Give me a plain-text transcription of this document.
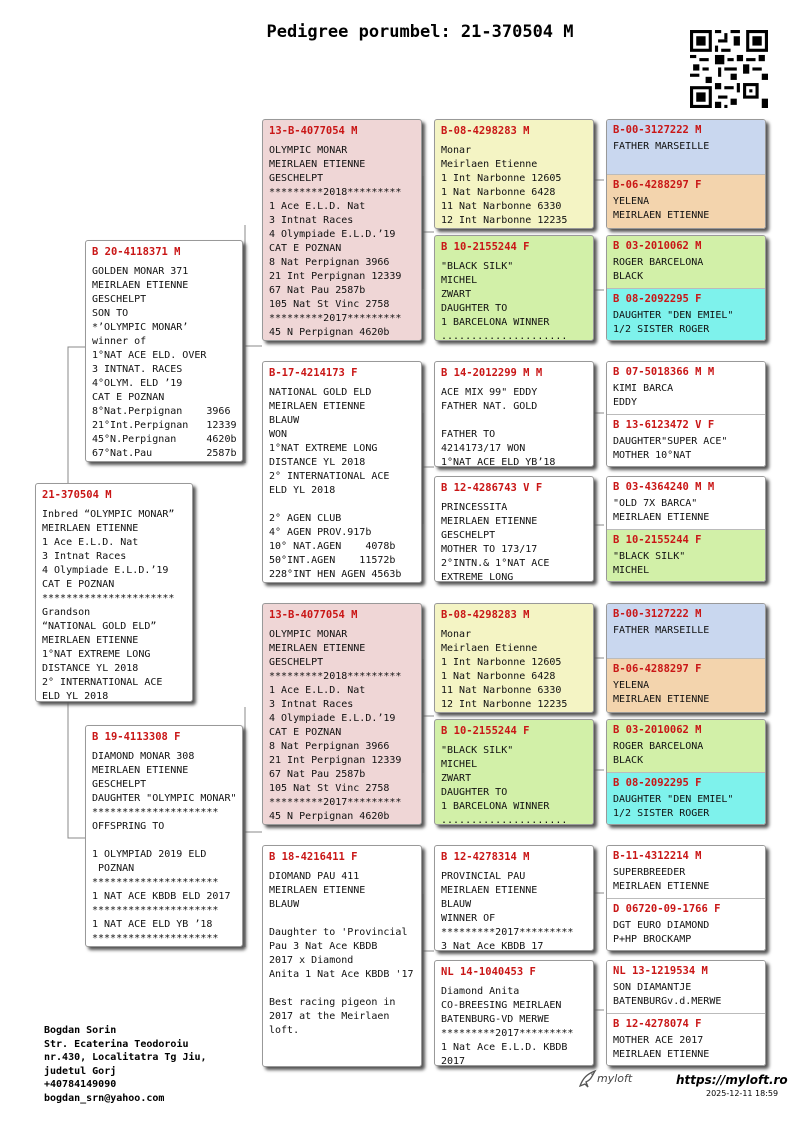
Pedigree porumbel: 21-370504 M
21-370504 M
Inbred “OLYMPIC MONAR”
MEIRLAEN ETIENNE
1 Ace E.L.D. Nat
3 Intnat Races
4 Olympiade E.L.D.’19
CAT E POZNAN
**********************
Grandson
“NATIONAL GOLD ELD”
MEIRLAEN ETIENNE
1°NAT EXTREME LONG
DISTANCE YL 2018
2° INTERNATIONAL ACE
ELD YL 2018
B 20-4118371 M
GOLDEN MONAR 371
MEIRLAEN ETIENNE
GESCHELPT
SON TO
*’OLYMPIC MONAR’
winner of
1°NAT ACE ELD. OVER
3 INTNAT. RACES
4°OLYM. ELD ’19
CAT E POZNAN
8°Nat.Perpignan    3966
21°Int.Perpignan   12339
45°N.Perpignan     4620b
67°Nat.Pau         2587b
B 19-4113308 F
DIAMOND MONAR 308
MEIRLAEN ETIENNE
GESCHELPT
DAUGHTER "OLYMPIC MONAR"
*********************
OFFSPRING TO

1 OLYMPIAD 2019 ELD
POZNAN
*********************
1 NAT ACE KBDB ELD 2017
*********************
1 NAT ACE ELD YB ’18
*********************
13-B-4077054 M
OLYMPIC MONAR
MEIRLAEN ETIENNE
GESCHELPT
*********2018*********
1 Ace E.L.D. Nat
3 Intnat Races
4 Olympiade E.L.D.’19
CAT E POZNAN
8 Nat Perpignan 3966
21 Int Perpignan 12339
67 Nat Pau 2587b
105 Nat St Vinc 2758
*********2017*********
45 N Perpignan 4620b
B-17-4214173 F
NATIONAL GOLD ELD
MEIRLAEN ETIENNE
BLAUW
WON
1°NAT EXTREME LONG
DISTANCE YL 2018
2° INTERNATIONAL ACE
ELD YL 2018

2° AGEN CLUB
4° AGEN PROV.917b
10° NAT.AGEN    4078b
50°INT.AGEN    11572b
228°INT HEN AGEN 4563b
13-B-4077054 M
OLYMPIC MONAR
MEIRLAEN ETIENNE
GESCHELPT
*********2018*********
1 Ace E.L.D. Nat
3 Intnat Races
4 Olympiade E.L.D.’19
CAT E POZNAN
8 Nat Perpignan 3966
21 Int Perpignan 12339
67 Nat Pau 2587b
105 Nat St Vinc 2758
*********2017*********
45 N Perpignan 4620b
B 18-4216411 F
DIOMAND PAU 411
MEIRLAEN ETIENNE
BLAUW

Daughter to 'Provincial
Pau 3 Nat Ace KBDB
2017 x Diamond
Anita 1 Nat Ace KBDB '17

Best racing pigeon in
2017 at the Meirlaen
loft.
B-08-4298283 M
Monar
Meirlaen Etienne
1 Int Narbonne 12605
1 Nat Narbonne 6428
11 Nat Narbonne 6330
12 Int Narbonne 12235
B 10-2155244 F
"BLACK SILK"
MICHEL
ZWART
DAUGHTER TO
1 BARCELONA WINNER
.....................
B 14-2012299 M M
ACE MIX 99" EDDY
FATHER NAT. GOLD

FATHER TO
4214173/17 WON
1°NAT ACE ELD YB’18
B 12-4286743 V F
PRINCESSITA
MEIRLAEN ETIENNE
GESCHELPT
MOTHER TO 173/17
2°INTN.& 1°NAT ACE
EXTREME LONG
B-08-4298283 M
Monar
Meirlaen Etienne
1 Int Narbonne 12605
1 Nat Narbonne 6428
11 Nat Narbonne 6330
12 Int Narbonne 12235
B 10-2155244 F
"BLACK SILK"
MICHEL
ZWART
DAUGHTER TO
1 BARCELONA WINNER
.....................
B 12-4278314 M
PROVINCIAL PAU
MEIRLAEN ETIENNE
BLAUW
WINNER OF
*********2017*********
3 Nat Ace KBDB 17
NL 14-1040453 F
Diamond Anita
CO-BREESING MEIRLAEN
BATENBURG-VD MERWE
*********2017*********
1 Nat Ace E.L.D. KBDB
2017
B-00-3127222 M
FATHER MARSEILLE
B-06-4288297 F
YELENA
MEIRLAEN ETIENNE
B 03-2010062 M
ROGER BARCELONA
BLACK
B 08-2092295 F
DAUGHTER "DEN EMIEL"
1/2 SISTER ROGER
B 07-5018366 M M
KIMI BARCA
EDDY
B 13-6123472 V F
DAUGHTER"SUPER ACE"
MOTHER 10°NAT
B 03-4364240 M M
"OLD 7X BARCA"
MEIRLAEN ETIENNE
B 10-2155244 F
"BLACK SILK"
MICHEL
B-00-3127222 M
FATHER MARSEILLE
B-06-4288297 F
YELENA
MEIRLAEN ETIENNE
B 03-2010062 M
ROGER BARCELONA
BLACK
B 08-2092295 F
DAUGHTER "DEN EMIEL"
1/2 SISTER ROGER
B-11-4312214 M
SUPERBREEDER
MEIRLAEN ETIENNE
D 06720-09-1766 F
DGT EURO DIAMOND
P+HP BROCKAMP
NL 13-1219534 M
SON DIAMANTJE
BATENBURGv.d.MERWE
B 12-4278074 F
MOTHER ACE 2017
MEIRLAEN ETIENNE
Bogdan Sorin
Str. Ecaterina Teodoroiu
nr.430, Localitatra Tg Jiu,
judetul Gorj
+40784149090
bogdan_srn@yahoo.com
myloft	https://myloft.ro
2025-12-11 18:59
